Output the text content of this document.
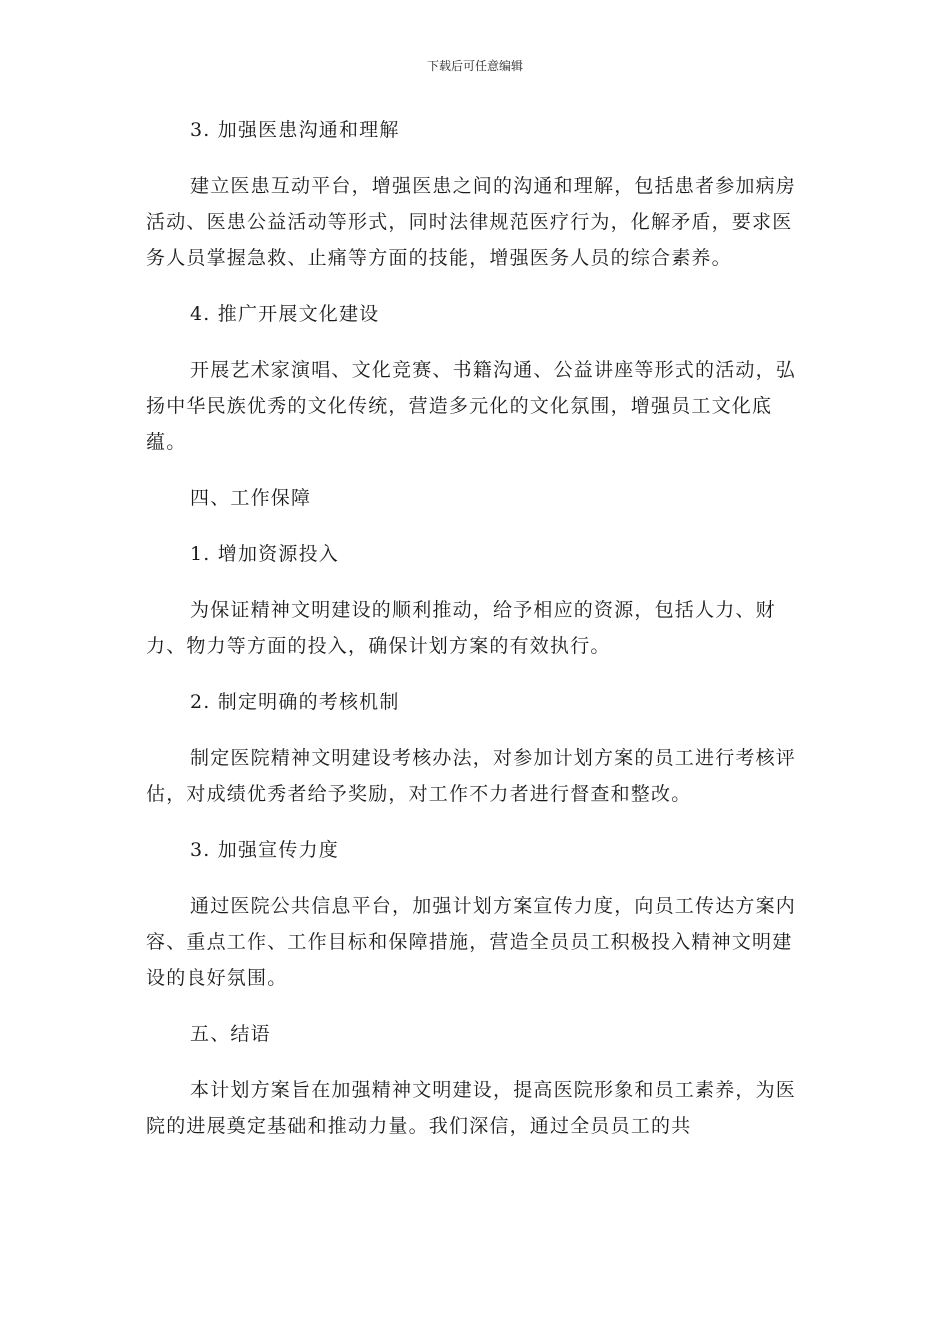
下载后可任意编辑

3. 加强医患沟通和理解

建立医患互动平台，增强医患之间的沟通和理解，包括患者参加病房活动、医患公益活动等形式，同时法律规范医疗行为，化解矛盾，要求医务人员掌握急救、止痛等方面的技能，增强医务人员的综合素养。

4. 推广开展文化建设

开展艺术家演唱、文化竞赛、书籍沟通、公益讲座等形式的活动，弘扬中华民族优秀的文化传统，营造多元化的文化氛围，增强员工文化底蕴。

四、工作保障

1. 增加资源投入

为保证精神文明建设的顺利推动，给予相应的资源，包括人力、财力、物力等方面的投入，确保计划方案的有效执行。

2. 制定明确的考核机制

制定医院精神文明建设考核办法，对参加计划方案的员工进行考核评估，对成绩优秀者给予奖励，对工作不力者进行督查和整改。

3. 加强宣传力度

通过医院公共信息平台，加强计划方案宣传力度，向员工传达方案内容、重点工作、工作目标和保障措施，营造全员员工积极投入精神文明建设的良好氛围。

五、结语

本计划方案旨在加强精神文明建设，提高医院形象和员工素养，为医院的进展奠定基础和推动力量。我们深信，通过全员员工的共
